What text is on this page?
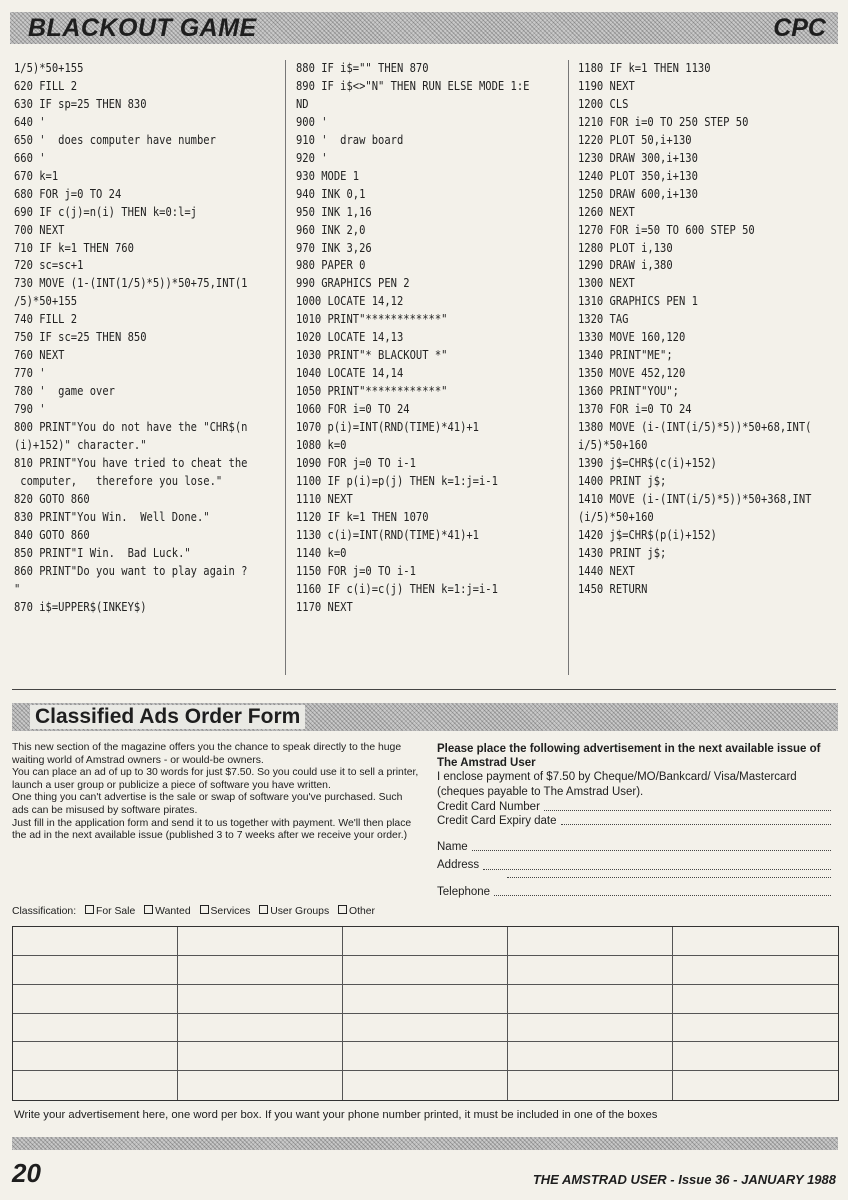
BLACKOUT GAME	CPC
1/5)*50+155
620 FILL 2
630 IF sp=25 THEN 830
640 '
650 '  does computer have number
660 '
670 k=1
680 FOR j=0 TO 24
690 IF c(j)=n(i) THEN k=0:l=j
700 NEXT
710 IF k=1 THEN 760
720 sc=sc+1
730 MOVE (1-(INT(1/5)*5))*50+75,INT(1
/5)*50+155
740 FILL 2
750 IF sc=25 THEN 850
760 NEXT
770 '
780 '  game over
790 '
800 PRINT"You do not have the "CHR$(n
(i)+152)" character."
810 PRINT"You have tried to cheat the
computer,   therefore you lose."
820 GOTO 860
830 PRINT"You Win.  Well Done."
840 GOTO 860
850 PRINT"I Win.  Bad Luck."
860 PRINT"Do you want to play again ?
"
870 i$=UPPER$(INKEY$)

880 IF i$="" THEN 870
890 IF i$<>"N" THEN RUN ELSE MODE 1:E
ND
900 '
910 '  draw board
920 '
930 MODE 1
940 INK 0,1
950 INK 1,16
960 INK 2,0
970 INK 3,26
980 PAPER 0
990 GRAPHICS PEN 2
1000 LOCATE 14,12
1010 PRINT"************"
1020 LOCATE 14,13
1030 PRINT"* BLACKOUT *"
1040 LOCATE 14,14
1050 PRINT"************"
1060 FOR i=0 TO 24
1070 p(i)=INT(RND(TIME)*41)+1
1080 k=0
1090 FOR j=0 TO i-1
1100 IF p(i)=p(j) THEN k=1:j=i-1
1110 NEXT
1120 IF k=1 THEN 1070
1130 c(i)=INT(RND(TIME)*41)+1
1140 k=0
1150 FOR j=0 TO i-1
1160 IF c(i)=c(j) THEN k=1:j=i-1
1170 NEXT

1180 IF k=1 THEN 1130
1190 NEXT
1200 CLS
1210 FOR i=0 TO 250 STEP 50
1220 PLOT 50,i+130
1230 DRAW 300,i+130
1240 PLOT 350,i+130
1250 DRAW 600,i+130
1260 NEXT
1270 FOR i=50 TO 600 STEP 50
1280 PLOT i,130
1290 DRAW i,380
1300 NEXT
1310 GRAPHICS PEN 1
1320 TAG
1330 MOVE 160,120
1340 PRINT"ME";
1350 MOVE 452,120
1360 PRINT"YOU";
1370 FOR i=0 TO 24
1380 MOVE (i-(INT(i/5)*5))*50+68,INT(
i/5)*50+160
1390 j$=CHR$(c(i)+152)
1400 PRINT j$;
1410 MOVE (i-(INT(i/5)*5))*50+368,INT
(i/5)*50+160
1420 j$=CHR$(p(i)+152)
1430 PRINT j$;
1440 NEXT
1450 RETURN

Classified Ads Order Form

This new section of the magazine offers you the chance to speak directly to the huge waiting world of Amstrad owners - or would-be owners.

You can place an ad of up to 30 words for just $7.50. So you could use it to sell a printer, launch a user group or publicize a piece of software you have written.

One thing you can't advertise is the sale or swap of software you've purchased. Such ads can be misused by software pirates.

Just fill in the application form and send it to us together with payment. We'll then place the ad in the next available issue (published 3 to 7 weeks after we receive your order.)

Classification: For Sale Wanted Services User Groups Other

Please place the following advertisement in the next available issue of The Amstrad User

I enclose payment of $7.50 by Cheque/MO/Bankcard/ Visa/Mastercard (cheques payable to The Amstrad User).

Credit Card Number
Credit Card Expiry date
Name
Address
Telephone
Write your advertisement here, one word per box. If you want your phone number printed, it must be included in one of the boxes
20	THE AMSTRAD USER - Issue 36 - JANUARY 1988
